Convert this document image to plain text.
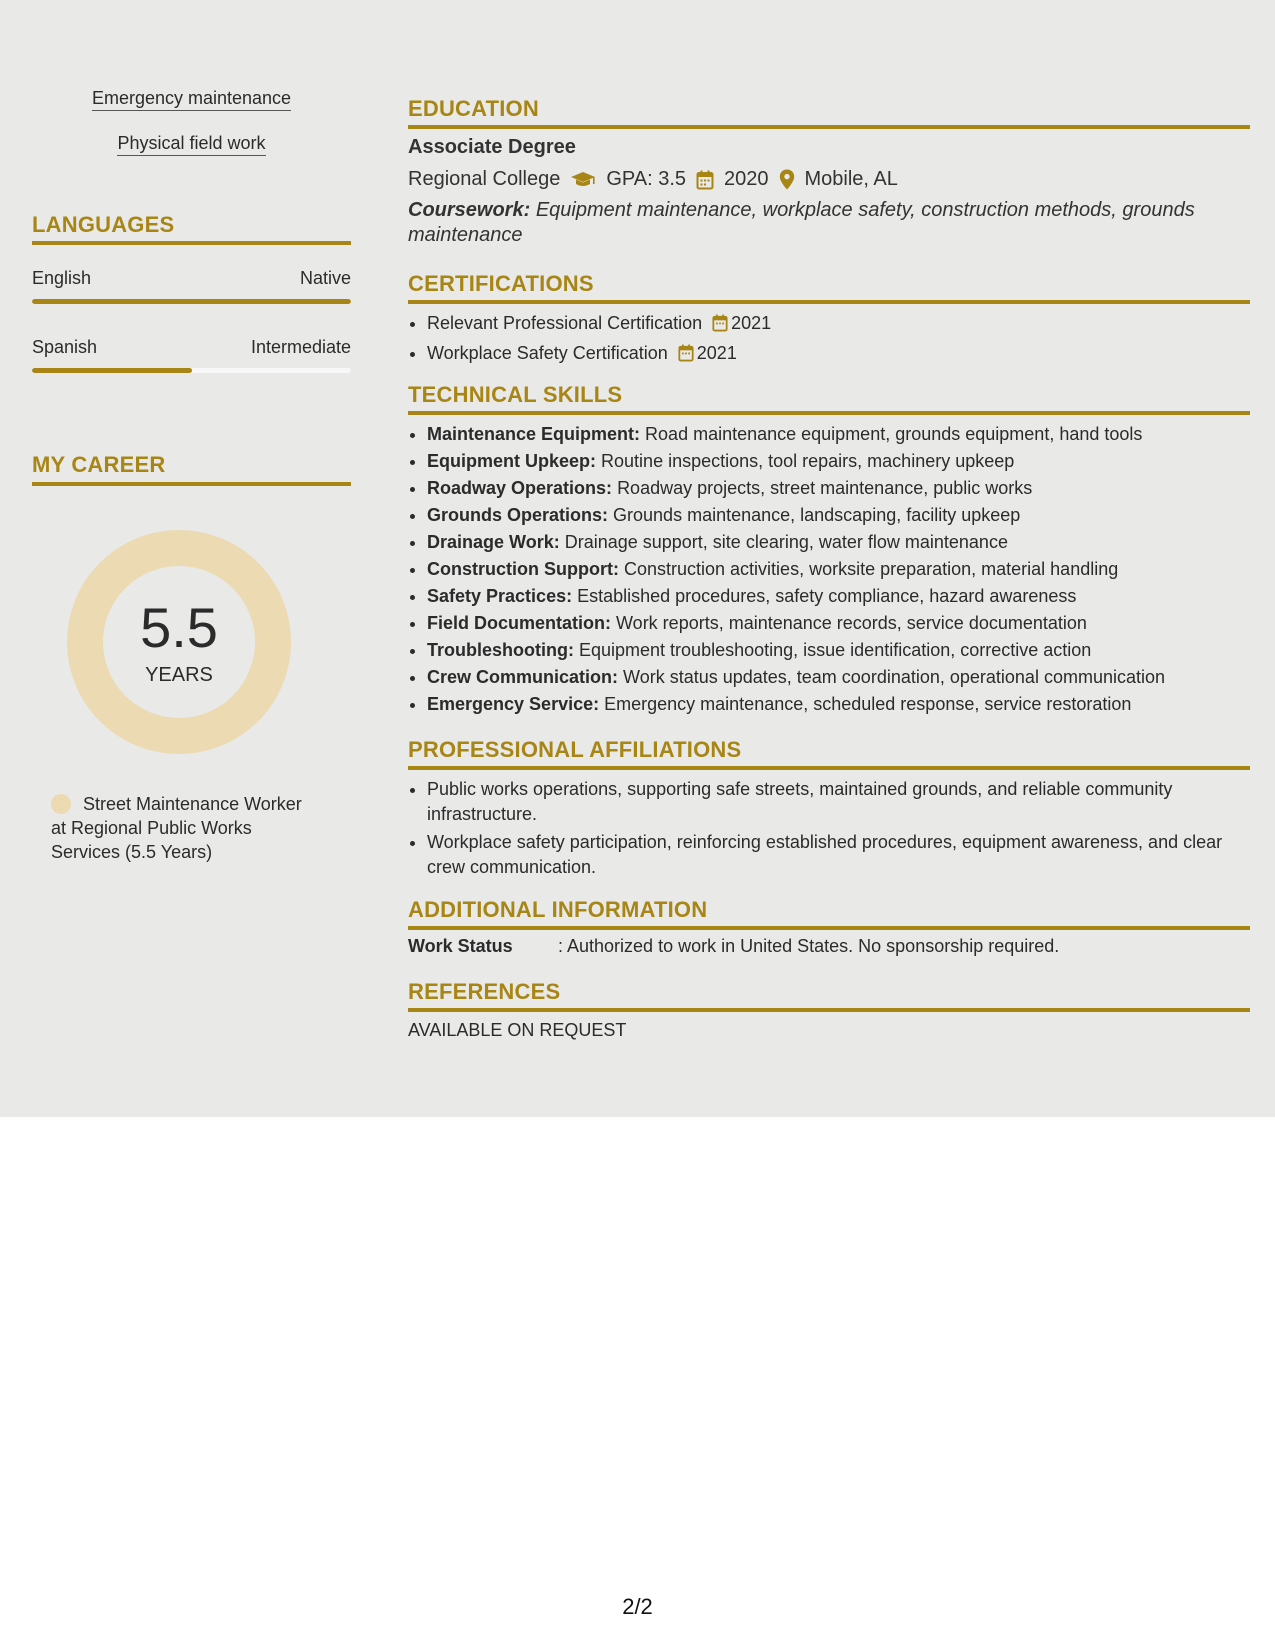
Emergency maintenance
Physical field work
LANGUAGES
English	Native
Spanish	Intermediate
MY CAREER
5.5
YEARS
Street Maintenance Worker at Regional Public Works Services (5.5 Years)
EDUCATION
Associate Degree
Regional College GPA: 3.5 2020 Mobile, AL
Coursework: Equipment maintenance, workplace safety, construction methods, grounds maintenance
CERTIFICATIONS
• Relevant Professional Certification 2021
• Workplace Safety Certification 2021
TECHNICAL SKILLS
• Maintenance Equipment: Road maintenance equipment, grounds equipment, hand tools
• Equipment Upkeep: Routine inspections, tool repairs, machinery upkeep
• Roadway Operations: Roadway projects, street maintenance, public works
• Grounds Operations: Grounds maintenance, landscaping, facility upkeep
• Drainage Work: Drainage support, site clearing, water flow maintenance
• Construction Support: Construction activities, worksite preparation, material handling
• Safety Practices: Established procedures, safety compliance, hazard awareness
• Field Documentation: Work reports, maintenance records, service documentation
• Troubleshooting: Equipment troubleshooting, issue identification, corrective action
• Crew Communication: Work status updates, team coordination, operational communication
• Emergency Service: Emergency maintenance, scheduled response, service restoration
PROFESSIONAL AFFILIATIONS
• Public works operations, supporting safe streets, maintained grounds, and reliable community infrastructure.
• Workplace safety participation, reinforcing established procedures, equipment awareness, and clear crew communication.
ADDITIONAL INFORMATION
Work Status	: Authorized to work in United States. No sponsorship required.
REFERENCES
AVAILABLE ON REQUEST
2/2
